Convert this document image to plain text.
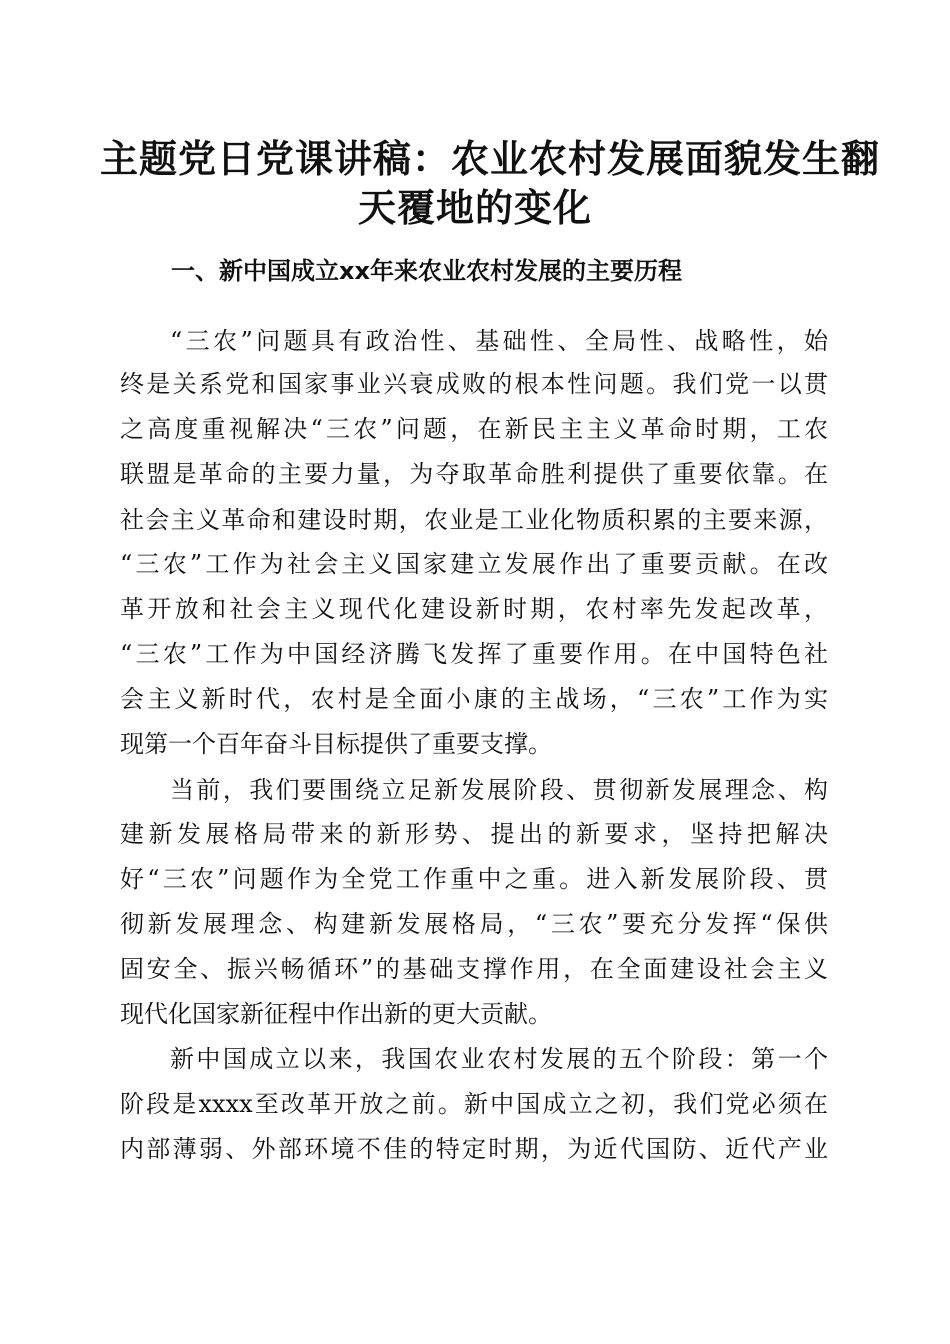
主题党日党课讲稿：农业农村发展面貌发生翻
天覆地的变化
一、新中国成立xx年来农业农村发展的主要历程
“三农”问题具有政治性、基础性、全局性、战略性，始
终是关系党和国家事业兴衰成败的根本性问题。我们党一以贯
之高度重视解决“三农”问题，在新民主主义革命时期，工农
联盟是革命的主要力量，为夺取革命胜利提供了重要依靠。在
社会主义革命和建设时期，农业是工业化物质积累的主要来源，
“三农”工作为社会主义国家建立发展作出了重要贡献。在改
革开放和社会主义现代化建设新时期，农村率先发起改革，
“三农”工作为中国经济腾飞发挥了重要作用。在中国特色社
会主义新时代，农村是全面小康的主战场，“三农”工作为实
现第一个百年奋斗目标提供了重要支撑。
当前，我们要围绕立足新发展阶段、贯彻新发展理念、构
建新发展格局带来的新形势、提出的新要求，坚持把解决
好“三农”问题作为全党工作重中之重。进入新发展阶段、贯
彻新发展理念、构建新发展格局，“三农”要充分发挥“保供
固安全、振兴畅循环”的基础支撑作用，在全面建设社会主义
现代化国家新征程中作出新的更大贡献。
新中国成立以来，我国农业农村发展的五个阶段：第一个
阶段是xxxx至改革开放之前。新中国成立之初，我们党必须在
内部薄弱、外部环境不佳的特定时期，为近代国防、近代产业
